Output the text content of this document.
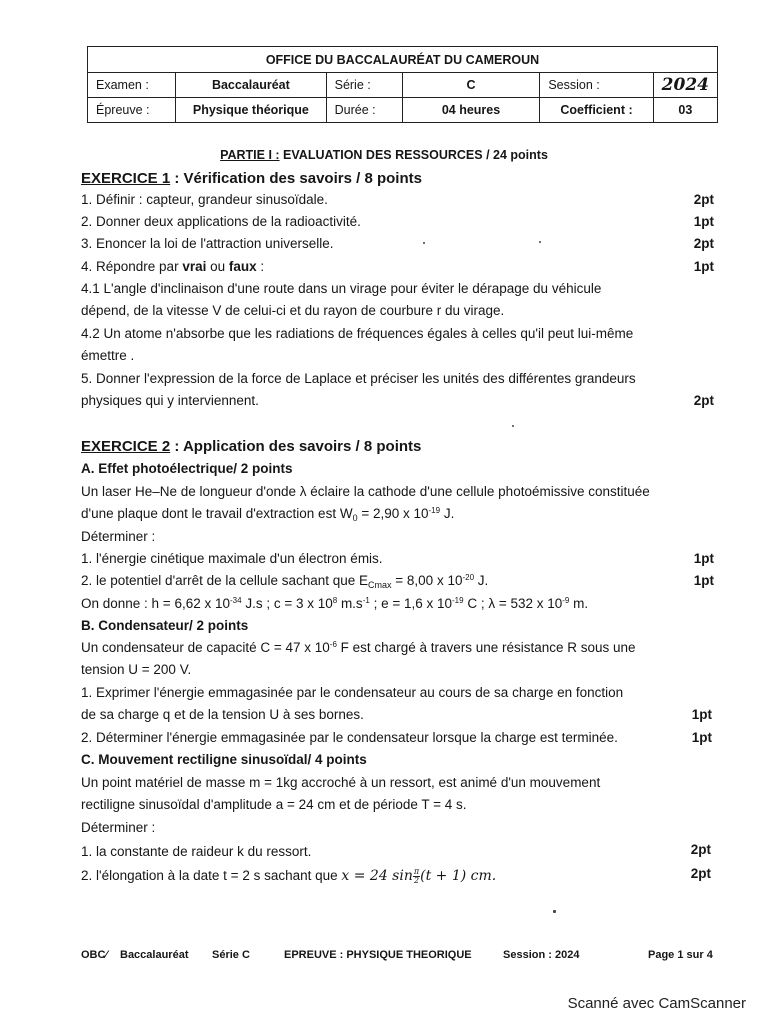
OFFICE DU BACCALAURÉAT DU CAMEROUN					
Examen :	Baccalauréat	Série :	C	Session :	2024
Épreuve :	Physique théorique	Durée :	04 heures	Coefficient :	03
PARTIE I : EVALUATION DES RESSOURCES / 24 points
EXERCICE 1 : Vérification des savoirs / 8 points
1. Définir : capteur, grandeur sinusoïdale.	2pt
2. Donner deux applications de la radioactivité.	1pt
3. Enoncer la loi de l'attraction universelle.	2pt
4. Répondre par vrai ou faux :	1pt
4.1 L'angle d'inclinaison d'une route dans un virage pour éviter le dérapage du véhicule
dépend, de la vitesse V de celui-ci et du rayon de courbure r du virage.
4.2 Un atome n'absorbe que les radiations de fréquences égales à celles qu'il peut lui-même
émettre .
5. Donner l'expression de la force de Laplace et préciser les unités des différentes grandeurs
physiques qui y interviennent.	2pt
EXERCICE 2 : Application des savoirs / 8 points
A. Effet photoélectrique/ 2 points
Un laser He–Ne de longueur d'onde λ éclaire la cathode d'une cellule photoémissive constituée
d'une plaque dont le travail d'extraction est $W_0 = 2,90$ x $10^{-19}$ J.
Déterminer :
1. l'énergie cinétique maximale d'un électron émis.	1pt
2. le potentiel d'arrêt de la cellule sachant que $E_{Cmax} = 8,00$ x $10^{-20}$ J.	1pt
On donne : h = 6,62 x $10^{-34}$ J.s ; c = 3 x $10^8$ $m.s^{-1}$ ; e = 1,6 x $10^{-19}$ C ; λ = 532 x $10^{-9}$ m.
B. Condensateur/ 2 points
Un condensateur de capacité C = 47 x $10^{-6}$ F est chargé à travers une résistance R sous une
tension U = 200 V.
1. Exprimer l'énergie emmagasinée par le condensateur au cours de sa charge en fonction
de sa charge q et de la tension U à ses bornes.	1pt
2. Déterminer l'énergie emmagasinée par le condensateur lorsque la charge est terminée.	1pt
C. Mouvement rectiligne sinusoïdal/ 4 points
Un point matériel de masse m = 1kg accroché à un ressort, est animé d'un mouvement
rectiligne sinusoïdal d'amplitude a = 24 cm et de période T = 4 s.
Déterminer :
1. la constante de raideur k du ressort.	2pt
2. l'élongation à la date t = 2 s sachant que x = 24 $\sin \frac{\pi}{2} (t + 1)$ cm.	2pt
OBC⁄ Baccalauréat Série C	EPREUVE : PHYSIQUE THEORIQUE	Session : 2024	Page 1 sur 4
Scanné avec CamScanner
